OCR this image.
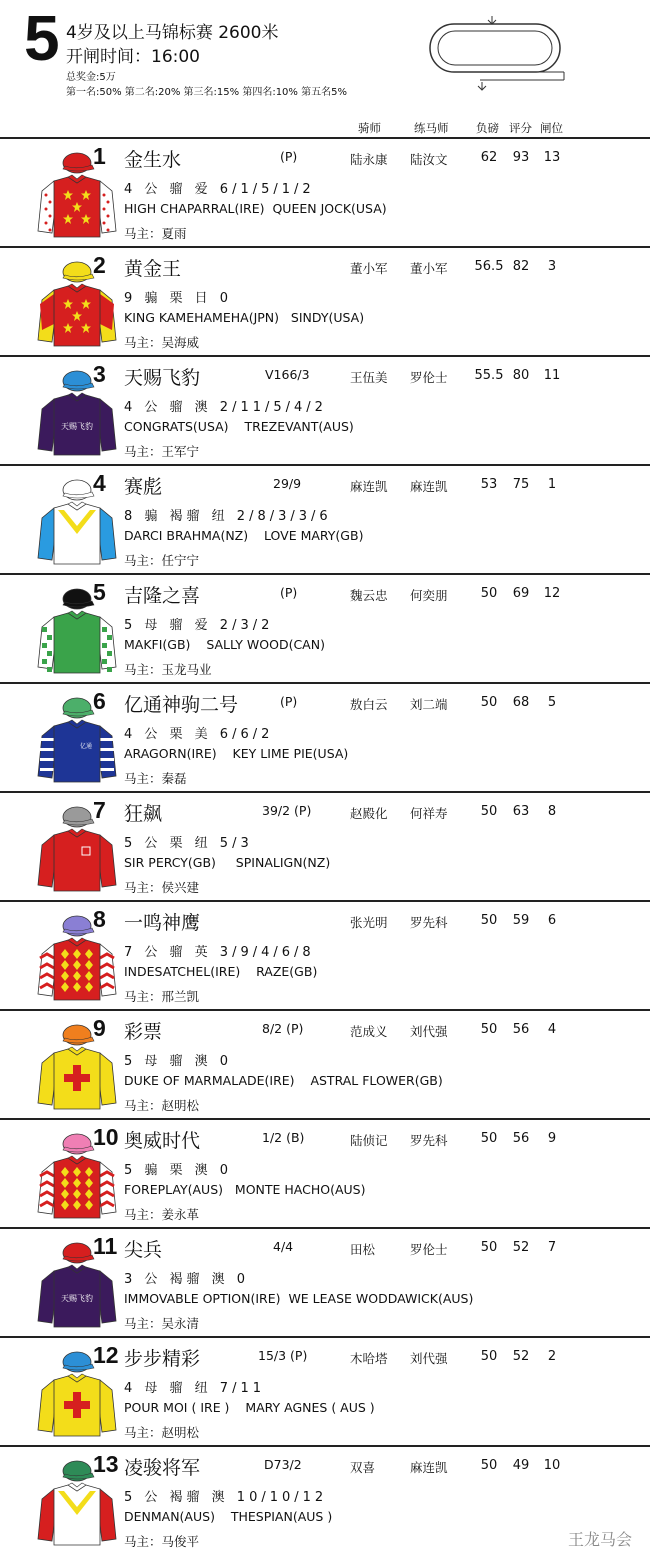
5 4岁及以上马锦标赛 2600米
开闸时间：16:00
总奖金:5万
第一名:50% 第二名:20% 第三名:15% 第四名:10% 第五名5%
骑师	练马师 负磅 评分 闸位
1 金生水	(P)	陆永康 陆汝文	62	93 13
4 公 骝 爱 6/1/5/1/2
HIGH CHAPARRAL(IRE)  QUEEN JOCK(USA)
马主：夏雨
2 黄金王	董小军 董小军 56.5 82	3
9 骟 栗 日 0
KING KAMEHAMEHA(JPN)   SINDY(USA)
马主：吴海威
天赐飞豹
3 天赐飞豹	V166/3	王伍美 罗伦士 55.5 80 11
4 公 骝 澳 2/11/5/4/2
CONGRATS(USA)    TREZEVANT(AUS)
马主：王军宁
4 赛彪	29/9	麻连凯 麻连凯	53	75	1
8 骟 褐骝 纽 2/8/3/3/6
DARCI BRAHMA(NZ)    LOVE MARY(GB)
马主：任宁宁
5 吉隆之喜	(P)	魏云忠 何奕朋	50	69 12
5 母 骝 爱 2/3/2
MAKFI(GB)    SALLY WOOD(CAN)
马主：玉龙马业
亿通
6 亿通神驹二号	(P)	敖白云 刘二端	50	68	5
4 公 栗 美 6/6/2
ARAGORN(IRE)    KEY LIME PIE(USA)
马主：秦磊
7 狂飙	39/2 (P)	赵殿化 何祥寿	50	63	8
5 公 栗 纽 5/3
SIR PERCY(GB)     SPINALIGN(NZ)
马主：侯兴建
8 一鸣神鹰	张光明 罗先科	50	59	6
7 公 骝 英 3/9/4/6/8
INDESATCHEL(IRE)    RAZE(GB)
马主：邢兰凯
9 彩票	8/2 (P)	范成义 刘代强	50	56	4
5 母 骝 澳 0
DUKE OF MARMALADE(IRE)    ASTRAL FLOWER(GB)
马主：赵明松
10 奥威时代	1/2 (B)	陆侦记 罗先科	50	56	9
5 骟 栗 澳 0
FOREPLAY(AUS)   MONTE HACHO(AUS)
马主：姜永革
天赐飞豹
11 尖兵	4/4	田松	罗伦士	50	52	7
3 公 褐骝 澳 0
IMMOVABLE OPTION(IRE)  WE LEASE WODDAWICK(AUS)
马主：吴永清
12 步步精彩	15/3 (P)	木哈塔 刘代强	50	52	2
4 母 骝 纽 7/11
POUR MOI ( IRE )    MARY AGNES ( AUS )
马主：赵明松
13 凌骏将军	D73/2	双喜	麻连凯	50	49 10
5 公 褐骝 澳 10/10/12
DENMAN(AUS)    THESPIAN(AUS )
马主：马俊平	王龙马会
